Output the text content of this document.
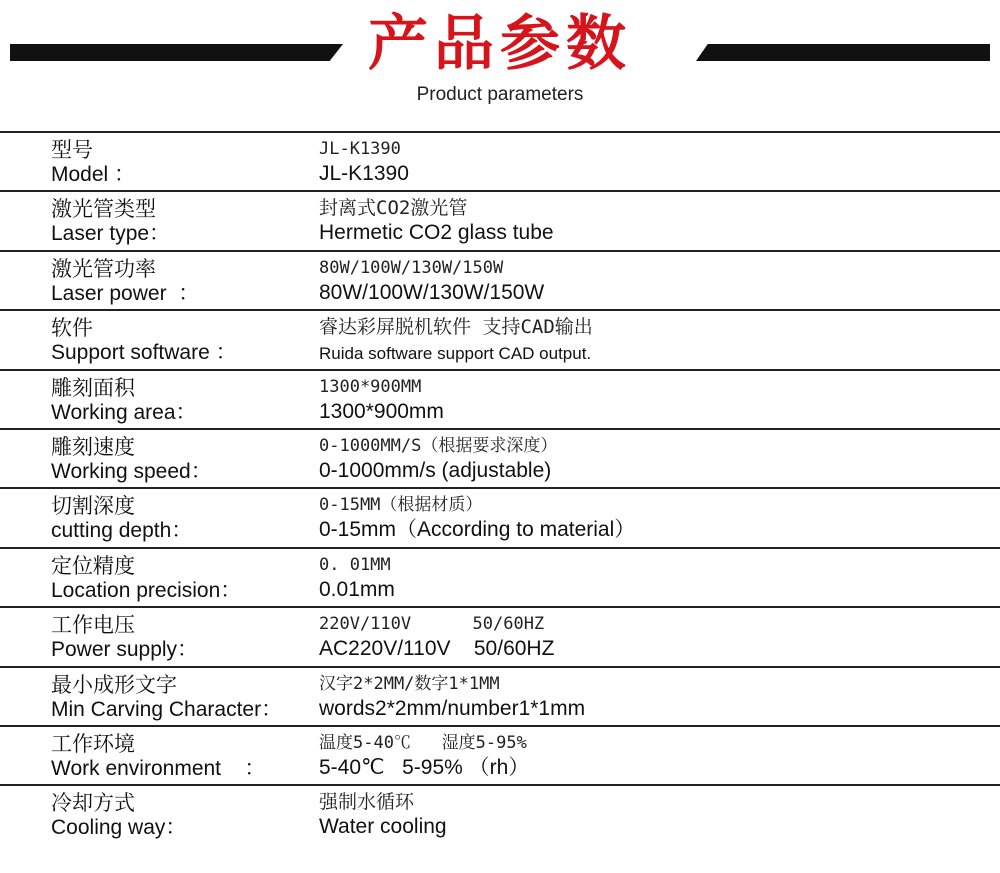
产品参数
Product parameters
型号
Model ：
JL-K1390
JL-K1390
激光管类型
Laser type：
封离式CO2激光管
Hermetic CO2 glass tube
激光管功率
Laser power  ：
80W/100W/130W/150W
80W/100W/130W/150W
软件
Support software ：
睿达彩屏脱机软件 支持CAD输出
Ruida software support CAD output.
雕刻面积
Working area：
1300*900MM
1300*900mm
雕刻速度
Working speed：
0-1000MM/S（根据要求深度）
0-1000mm/s (adjustable)
切割深度
cutting depth：
0-15MM（根据材质）
0-15mm（According to material）
定位精度
Location precision：
0. 01MM
0.01mm
工作电压
Power supply：
220V/110V      50/60HZ
AC220V/110V    50/60HZ
最小成形文字
Min Carving Character：
汉字2*2MM/数字1*1MM
words2*2mm/number1*1mm
工作环境
Work environment    ：
温度5-40℃   湿度5-95%
5-40℃   5-95% （rh）
冷却方式
Cooling way：
强制水循环
Water cooling
